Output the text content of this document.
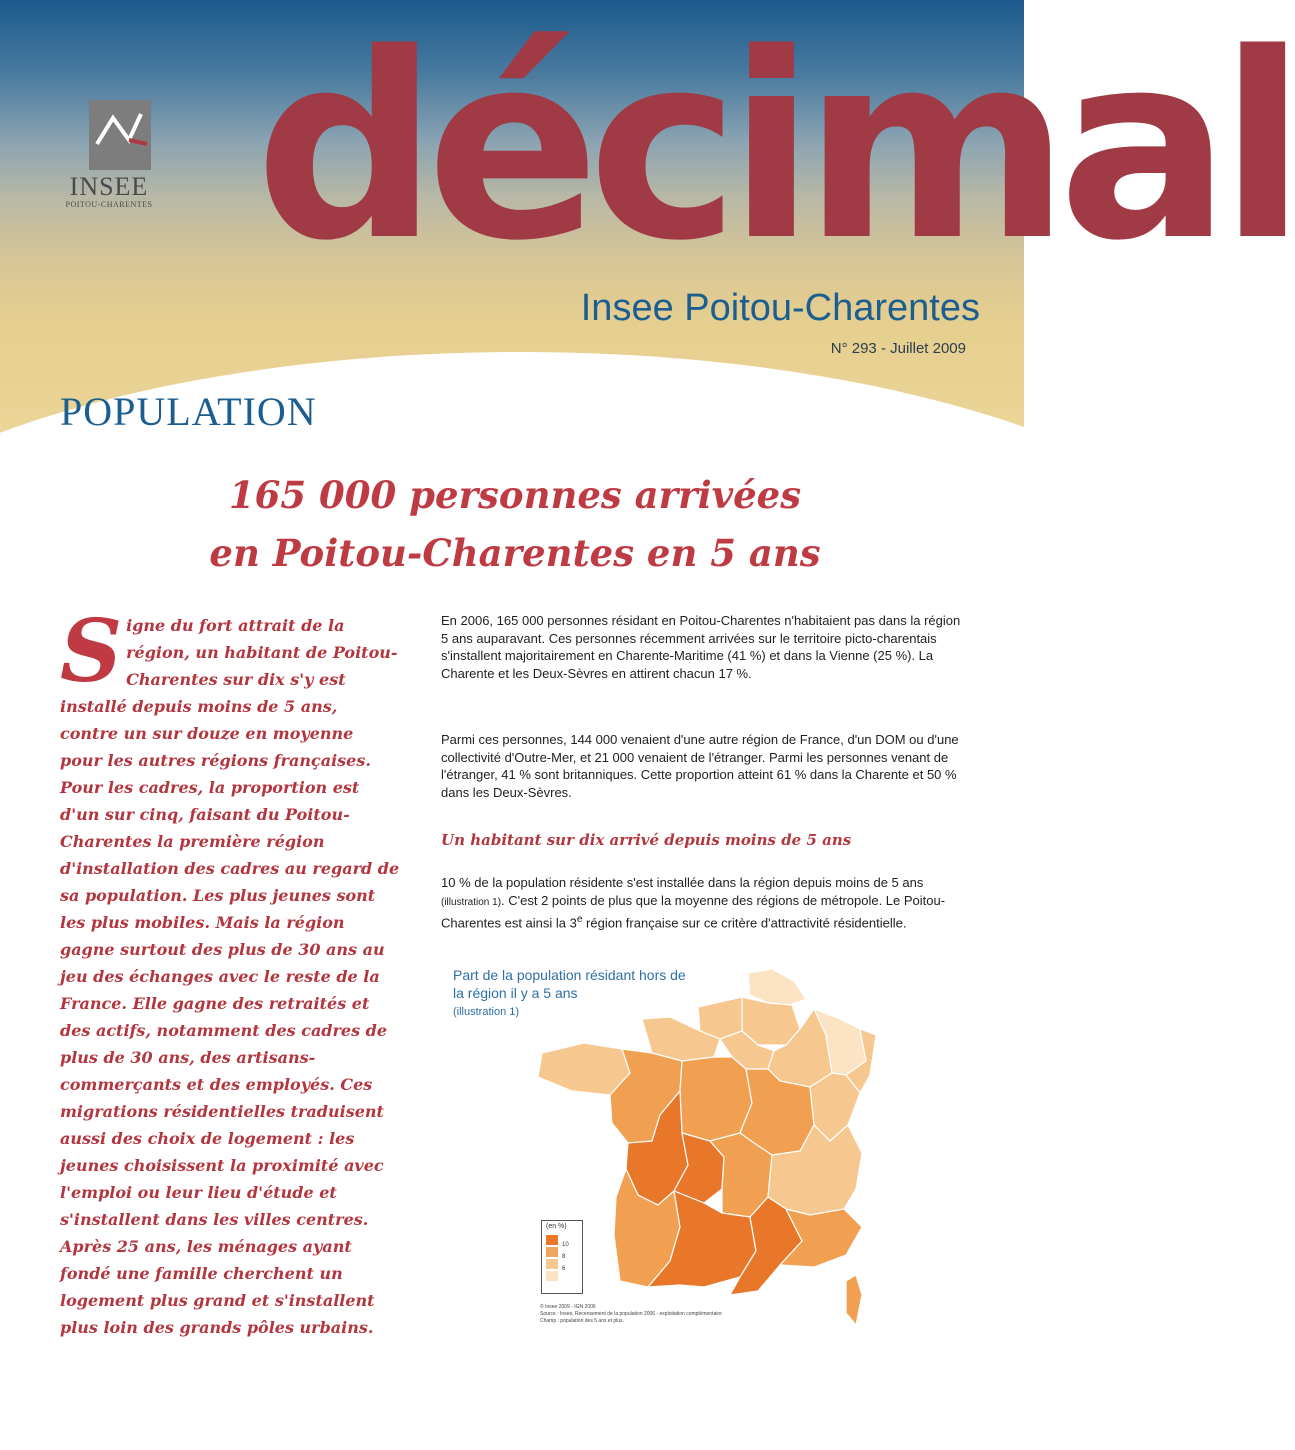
INSEE
POITOU-CHARENTES décimal
Insee Poitou-Charentes
N° 293 - Juillet 2009
POPULATION
165 000 personnes arrivées
en Poitou-Charentes en 5 ans
S igne du fort attrait de la région, un habitant de Poitou-Charentes sur dix s'y est installé depuis moins de 5 ans, contre un sur douze en moyenne pour les autres régions françaises. Pour les cadres, la proportion est d'un sur cinq, faisant du Poitou-Charentes la première région d'installation des cadres au regard de sa population. Les plus jeunes sont les plus mobiles. Mais la région gagne surtout des plus de 30 ans au jeu des échanges avec le reste de la France. Elle gagne des retraités et des actifs, notamment des cadres de plus de 30 ans, des artisans-commerçants et des employés. Ces migrations résidentielles traduisent aussi des choix de logement : les jeunes choisissent la proximité avec l'emploi ou leur lieu d'étude et s'installent dans les villes centres. Après 25 ans, les ménages ayant fondé une famille cherchent un logement plus grand et s'installent plus loin des grands pôles urbains.
En 2006, 165 000 personnes résidant en Poitou-Charentes n'habitaient pas dans la région 5 ans auparavant. Ces personnes récemment arrivées sur le territoire picto-charentais s'installent majoritairement en Charente-Maritime (41 %) et dans la Vienne (25 %). La Charente et les Deux-Sèvres en attirent chacun 17 %.
Parmi ces personnes, 144 000 venaient d'une autre région de France, d'un DOM ou d'une collectivité d'Outre-Mer, et 21 000 venaient de l'étranger. Parmi les personnes venant de l'étranger, 41 % sont britanniques. Cette proportion atteint 61 % dans la Charente et 50 % dans les Deux-Sèvres.
Un habitant sur dix arrivé depuis moins de 5 ans
10 % de la population résidente s'est installée dans la région depuis moins de 5 ans (illustration 1). C'est 2 points de plus que la moyenne des régions de métropole. Le Poitou-Charentes est ainsi la 3e région française sur ce critère d'attractivité résidentielle.
Part de la population résidant hors de la région il y a 5 ans
(illustration 1)
(en %)
10
8
6
© Insee 2009 - IGN 2006
Source : Insee, Recensement de la population 2006 - exploitation complémentaire
Champ : population des 5 ans et plus.
